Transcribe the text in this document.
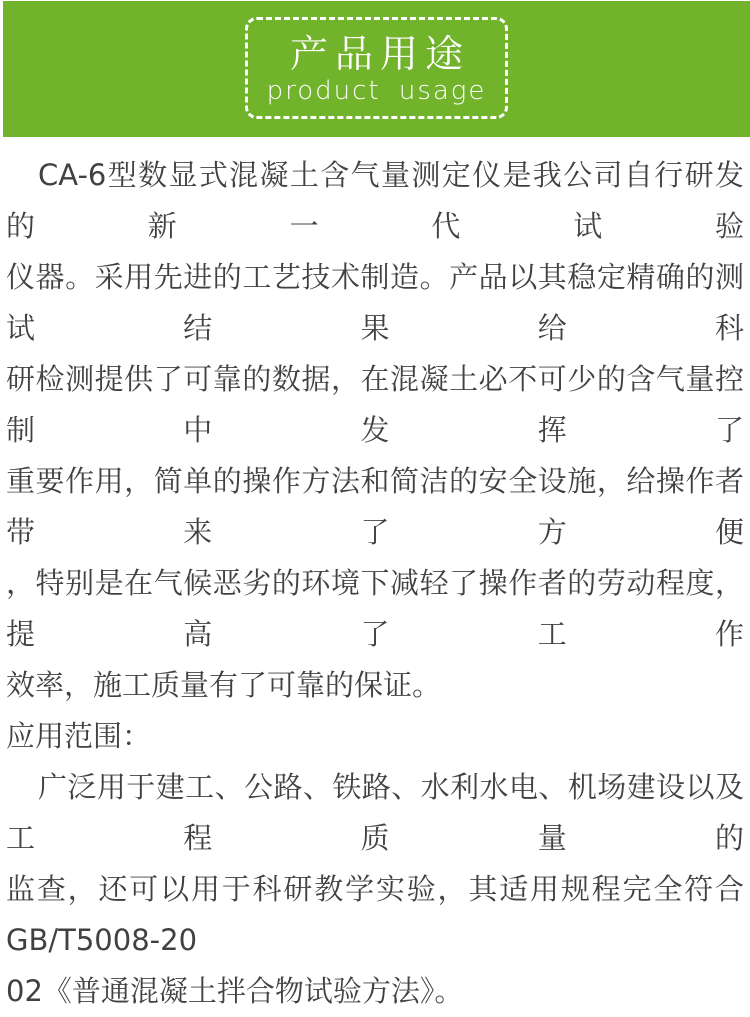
产品用途
product usage
CA-6型数显式混凝土含气量测定仪是我公司自行研发的新一代试验
仪器。采用先进的工艺技术制造。产品以其稳定精确的测试结果给科
研检测提供了可靠的数据，在混凝土必不可少的含气量控制中发挥了
重要作用，简单的操作方法和简洁的安全设施，给操作者带来了方便
，特别是在气候恶劣的环境下减轻了操作者的劳动程度，提高了工作
效率，施工质量有了可靠的保证。
应用范围：
广泛用于建工、公路、铁路、水利水电、机场建设以及工程质量的
监查，还可以用于科研教学实验，其适用规程完全符合GB/T5008-20
02《普通混凝土拌合物试验方法》。
